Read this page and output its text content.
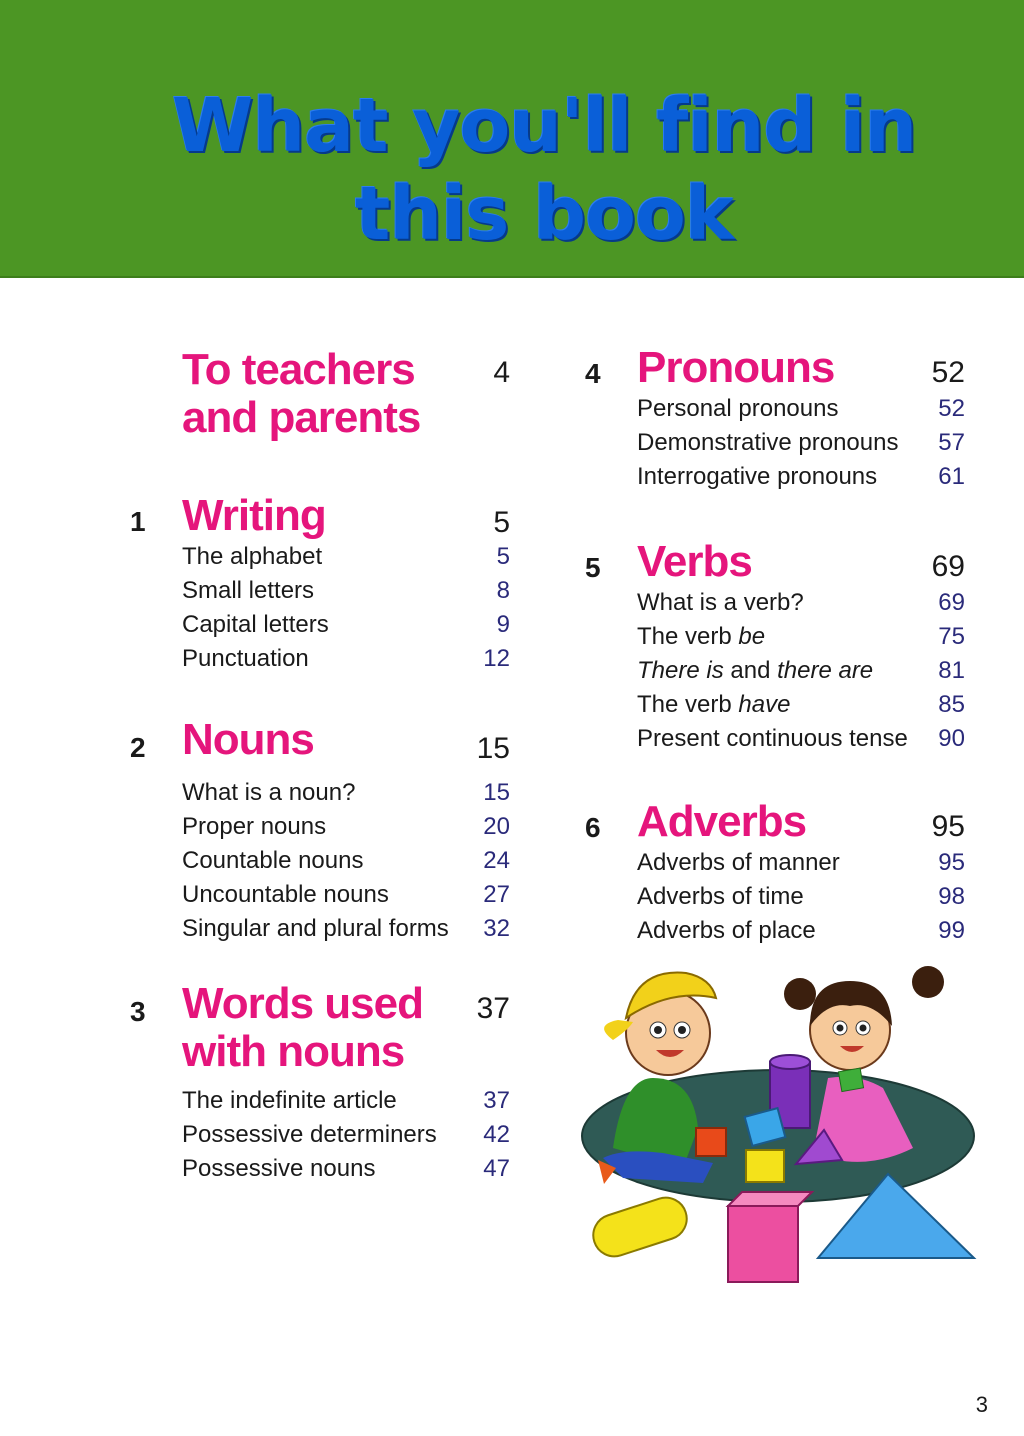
What you'll find in
this book
To teachers
and parents
4
1 Writing	5
The alphabet	5
Small letters	8
Capital letters	9
Punctuation	12
2 Nouns	15
What is a noun?	15
Proper nouns	20
Countable nouns	24
Uncountable nouns	27
Singular and plural forms 32
3 Words used
with nouns
37
The indefinite article	37
Possessive determiners 42
Possessive nouns	47
4 Pronouns	52
Personal pronouns	52
Demonstrative pronouns 57
Interrogative pronouns	61
5 Verbs	69
What is a verb?	69
The verb be	75
There is and there are	81
The verb have	85
Present continuous tense 90
6 Adverbs	95
Adverbs of manner	95
Adverbs of time	98
Adverbs of place	99
3
